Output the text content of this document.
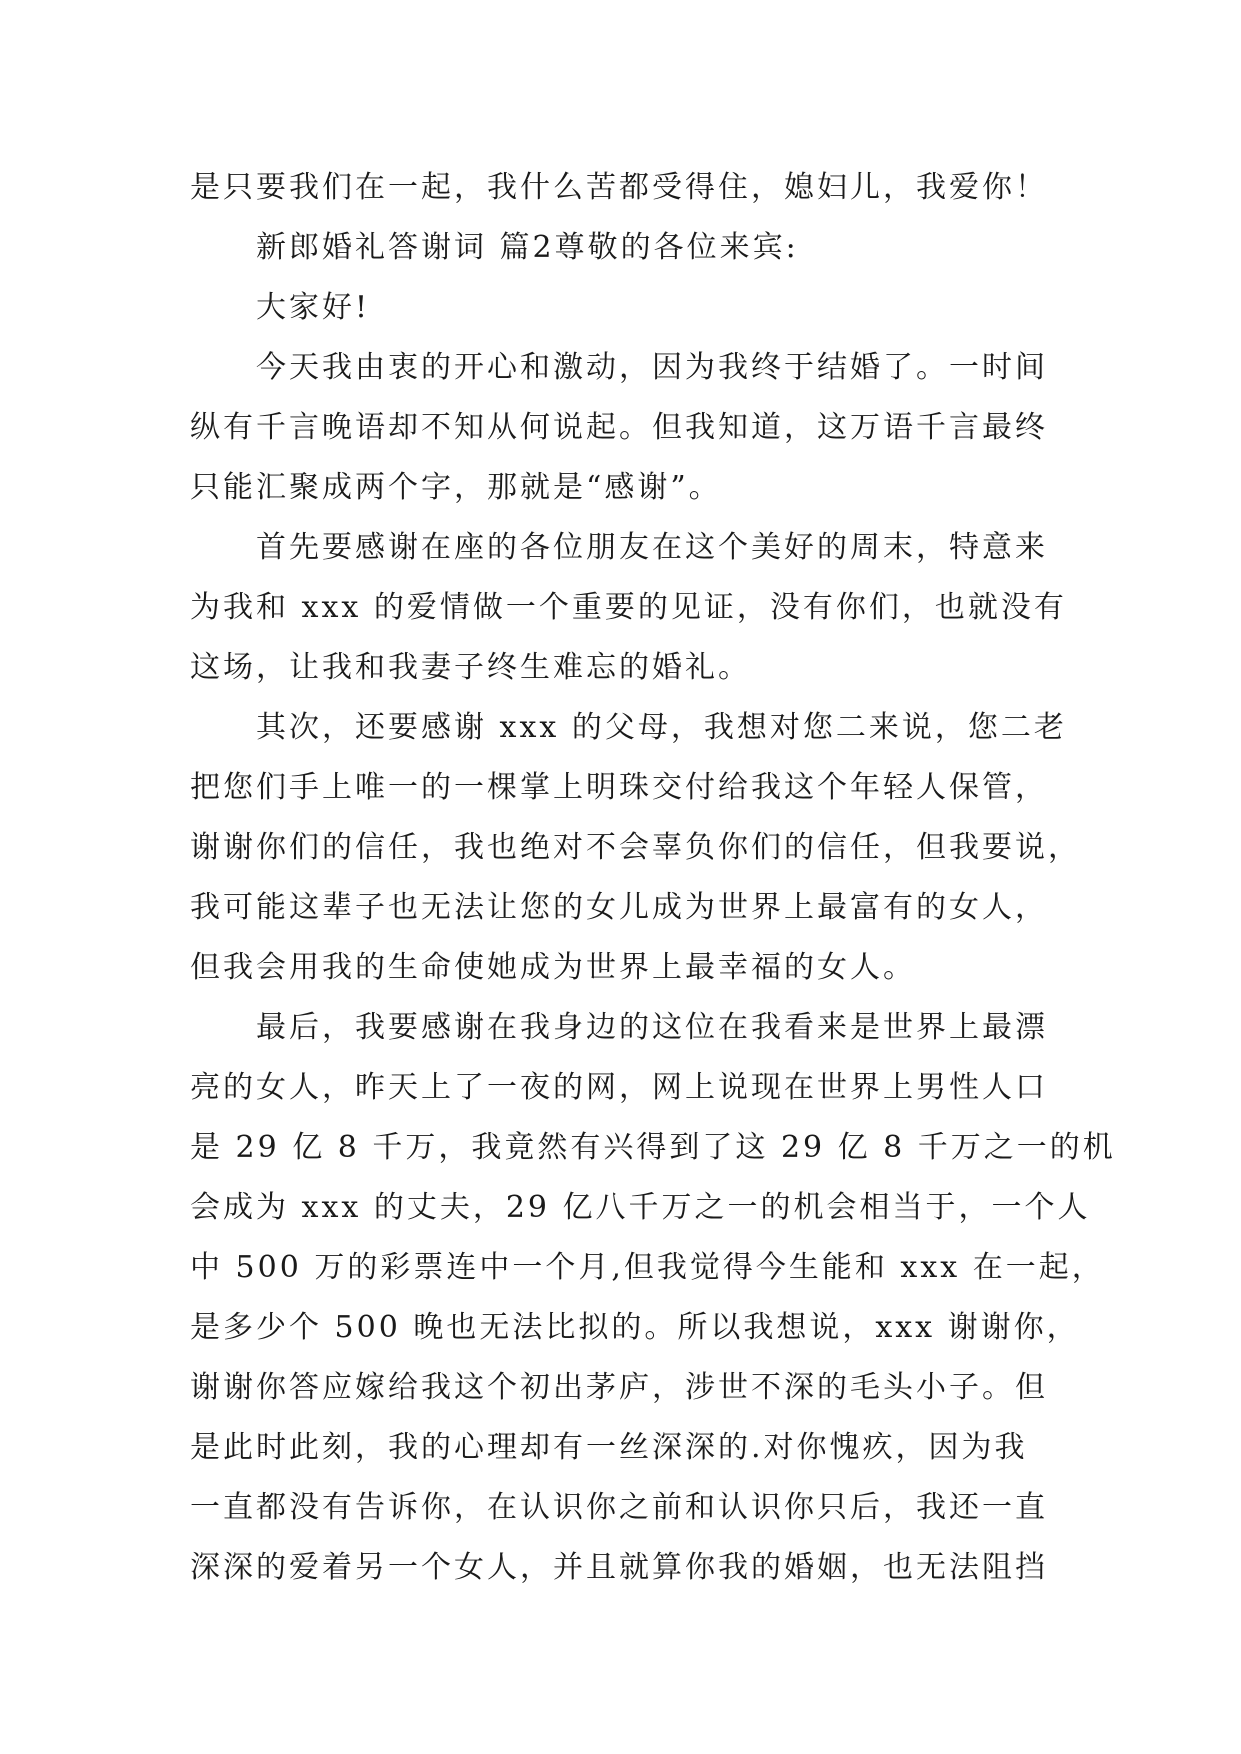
是只要我们在一起，我什么苦都受得住，媳妇儿，我爱你！
新郎婚礼答谢词 篇2尊敬的各位来宾:
大家好!
今天我由衷的开心和激动，因为我终于结婚了。一时间
纵有千言晚语却不知从何说起。但我知道，这万语千言最终
只能汇聚成两个字，那就是“感谢”。
首先要感谢在座的各位朋友在这个美好的周末，特意来
为我和 xxx 的爱情做一个重要的见证，没有你们，也就没有
这场，让我和我妻子终生难忘的婚礼。
其次，还要感谢 xxx 的父母，我想对您二来说，您二老
把您们手上唯一的一棵掌上明珠交付给我这个年轻人保管，
谢谢你们的信任，我也绝对不会辜负你们的信任，但我要说，
我可能这辈子也无法让您的女儿成为世界上最富有的女人，
但我会用我的生命使她成为世界上最幸福的女人。
最后，我要感谢在我身边的这位在我看来是世界上最漂
亮的女人，昨天上了一夜的网，网上说现在世界上男性人口
是 29 亿 8 千万，我竟然有兴得到了这 29 亿 8 千万之一的机
会成为 xxx 的丈夫，29 亿八千万之一的机会相当于，一个人
中 500 万的彩票连中一个月,但我觉得今生能和 xxx 在一起，
是多少个 500 晚也无法比拟的。所以我想说，xxx 谢谢你，
谢谢你答应嫁给我这个初出茅庐，涉世不深的毛头小子。但
是此时此刻，我的心理却有一丝深深的.对你愧疚，因为我
一直都没有告诉你，在认识你之前和认识你只后，我还一直
深深的爱着另一个女人，并且就算你我的婚姻，也无法阻挡
